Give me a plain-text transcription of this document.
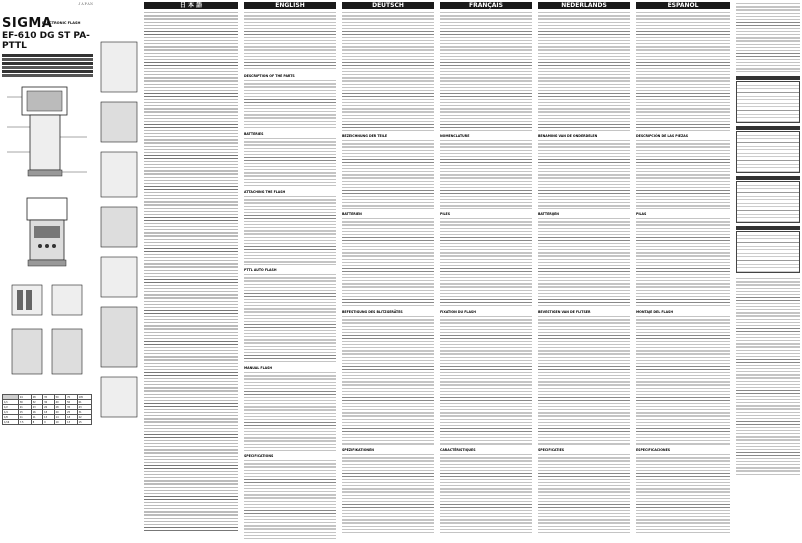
ＪＡＰＡＮ
SIGMA
ELECTRONIC FLASH
EF-610 DG ST PA-PTTL

	24	28	35	50	70	105
1/1	30	32	36	40	50	61
1/2	21	23	26	28	35	43
1/4	15	16	18	20	25	31
1/8	11	11	13	14	18	22
1/16	7.5	8	9	10	13	15
日 本 語	ENGLISH
DESCRIPTION OF THE PARTS
BATTERIES
ATTACHING THE FLASH
PTTL AUTO FLASH
MANUAL FLASH
SPECIFICATIONS
DEUTSCH
BEZEICHNUNG DER TEILE
BATTERIEN
BEFESTIGUNG DES BLITZGERÄTES
SPEZIFIKATIONEN
FRANÇAIS
NOMENCLATURE
PILES
FIXATION DU FLASH
CARACTÉRISTIQUES
NEDERLANDS
BENAMING VAN DE ONDERDELEN
BATTERIJEN
BEVESTIGEN VAN DE FLITSER
SPECIFICATIES
ESPAÑOL
DESCRIPCIÓN DE LAS PIEZAS
PILAS
MONTAJE DEL FLASH
ESPECIFICACIONES
